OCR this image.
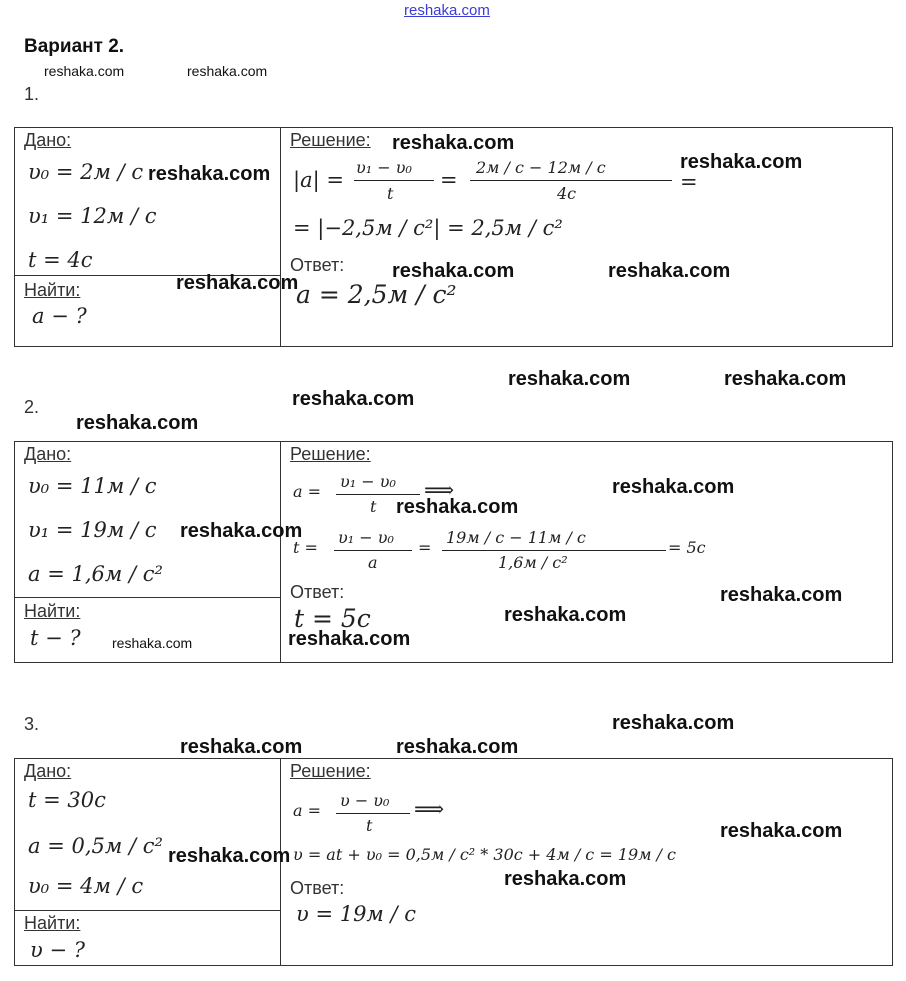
reshaka.com
Вариант 2.
reshaka.com	reshaka.com
1.
Дано:
υ₀ = 2м / с
υ₁ = 12м / с
t = 4с
Найти:
a − ?
Решение:
|a| =
υ₁ − υ₀
t
=
2м / с − 12м / с
4с	=
= |−2,5м / с²| = 2,5м / с²
Ответ:
a = 2,5м / с²
reshaka.com
reshaka.com
reshaka.com
reshaka.com	reshaka.com
reshaka.com
reshaka.com	reshaka.com
reshaka.com
2.
reshaka.com
Дано:
υ₀ = 11м / с
υ₁ = 19м / с
a = 1,6м / с²
Найти:
t − ?
Решение:
a =
υ₁ − υ₀
t
⟹
t =
υ₁ − υ₀
a
=
19м / с − 11м / с
1,6м / с²
= 5с
Ответ:
t = 5с
reshaka.com
reshaka.com
reshaka.com
reshaka.com
reshaka.com
reshaka.com
reshaka.com
3.	reshaka.com
reshaka.com	reshaka.com
Дано:
t = 30с
a = 0,5м / с²
υ₀ = 4м / с
Найти:
υ − ?
Решение:
a =
υ − υ₀
t
⟹
υ = at + υ₀ = 0,5м / с² * 30с + 4м / с = 19м / с
Ответ:
υ = 19м / с
reshaka.com
reshaka.com
reshaka.com
